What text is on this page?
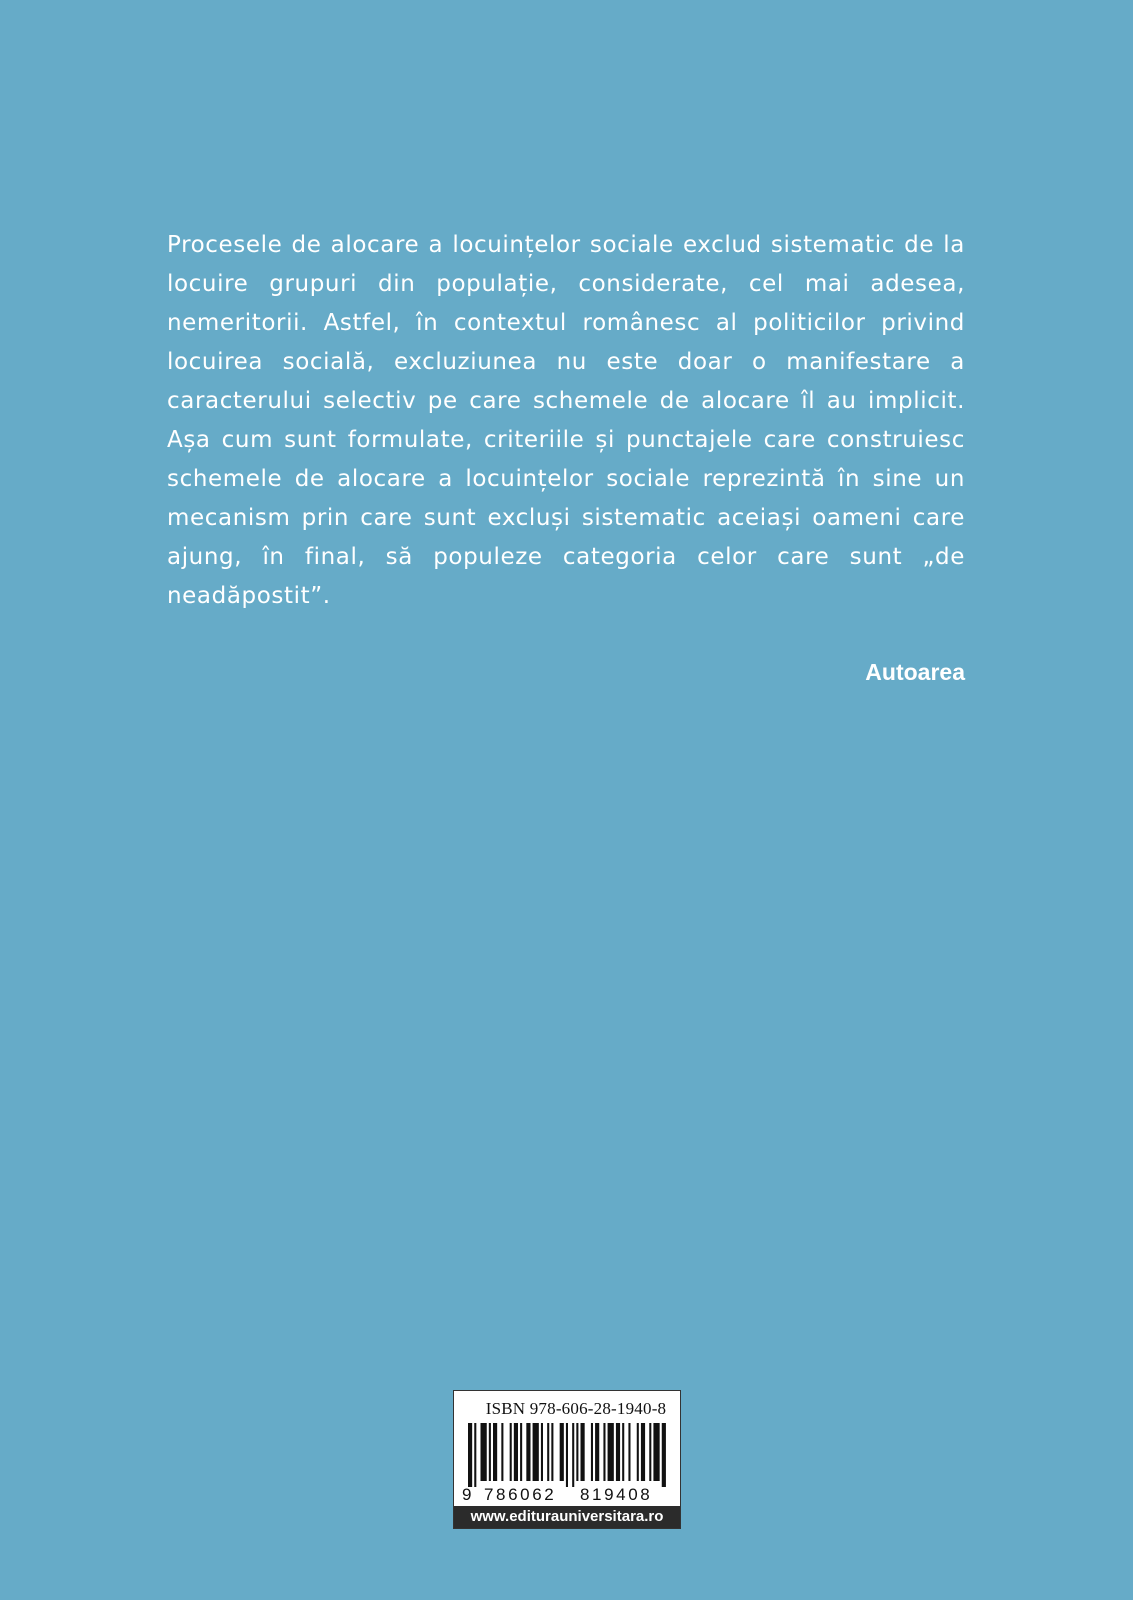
Procesele de alocare a locuințelor sociale exclud sistematic de la locuire grupuri din populație, considerate, cel mai adesea, nemeritorii. Astfel, în contextul românesc al politicilor privind locuirea socială, excluziunea nu este doar o manifestare a caracterului selectiv pe care schemele de alocare îl au implicit. Așa cum sunt formulate, criteriile și punctajele care construiesc schemele de alocare a locuințelor sociale reprezintă în sine un mecanism prin care sunt excluși sistematic aceiași oameni care ajung, în final, să populeze categoria celor care sunt „de neadăpostit”.

Autoarea

ISBN 978-606-28-1940-8
9 786062 819408
www.editurauniversitara.ro
